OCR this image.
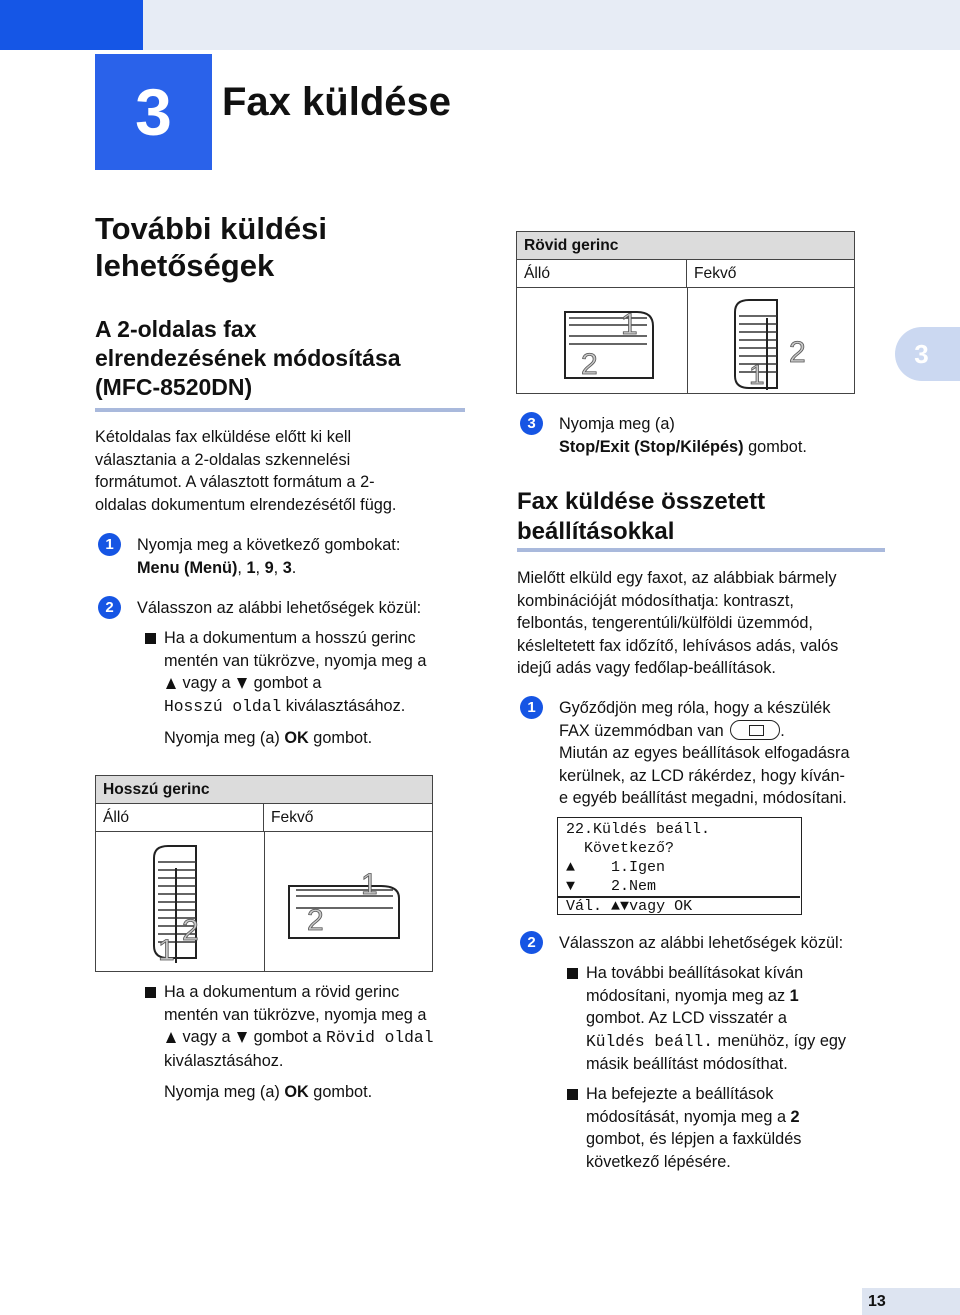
3	Fax küldése
3
További küldési
lehetőségek
A 2-oldalas fax
elrendezésének módosítása
(MFC-8520DN)
Kétoldalas fax elküldése előtt ki kell
választania a 2-oldalas szkennelési
formátumot. A választott formátum a 2-
oldalas dokumentum elrendezésétől függ.
1	Nyomja meg a következő gombokat:
Menu (Menü), 1, 9, 3.
2	Válasszon az alábbi lehetőségek közül:
Ha a dokumentum a hosszú gerinc
mentén van tükrözve, nyomja meg a
vagy a gombot a
Hosszú oldal kiválasztásához.
Nyomja meg (a) OK gombot.
Hosszú gerinc
Álló	Fekvő
1
2	2
1
Ha a dokumentum a rövid gerinc
mentén van tükrözve, nyomja meg a
vagy a gombot a Rövid oldal
kiválasztásához.
Nyomja meg (a) OK gombot.
Rövid gerinc
Álló	Fekvő
2
1
1
2
3	Nyomja meg (a)
Stop/Exit (Stop/Kilépés) gombot.
Fax küldése összetett
beállításokkal
Mielőtt elküld egy faxot, az alábbiak bármely
kombinációját módosíthatja: kontraszt,
felbontás, tengerentúli/külföldi üzemmód,
késleltetett fax időzítő, lehívásos adás, valós
idejű adás vagy fedőlap-beállítások.
1	Győződjön meg róla, hogy a készülék
FAX üzemmódban van	.
Miután az egyes beállítások elfogadásra
kerülnek, az LCD rákérdez, hogy kíván-
e egyéb beállítást megadni, módosítani.
22.Küldés beáll.
Következő?
▲    1.Igen
▼    2.Nem
Vál. ▲▼vagy OK
2	Válasszon az alábbi lehetőségek közül:
Ha további beállításokat kíván
módosítani, nyomja meg az 1
gombot. Az LCD visszatér a
Küldés beáll. menühöz, így egy
másik beállítást módosíthat.
Ha befejezte a beállítások
módosítását, nyomja meg a 2
gombot, és lépjen a faxküldés
következő lépésére.
13
